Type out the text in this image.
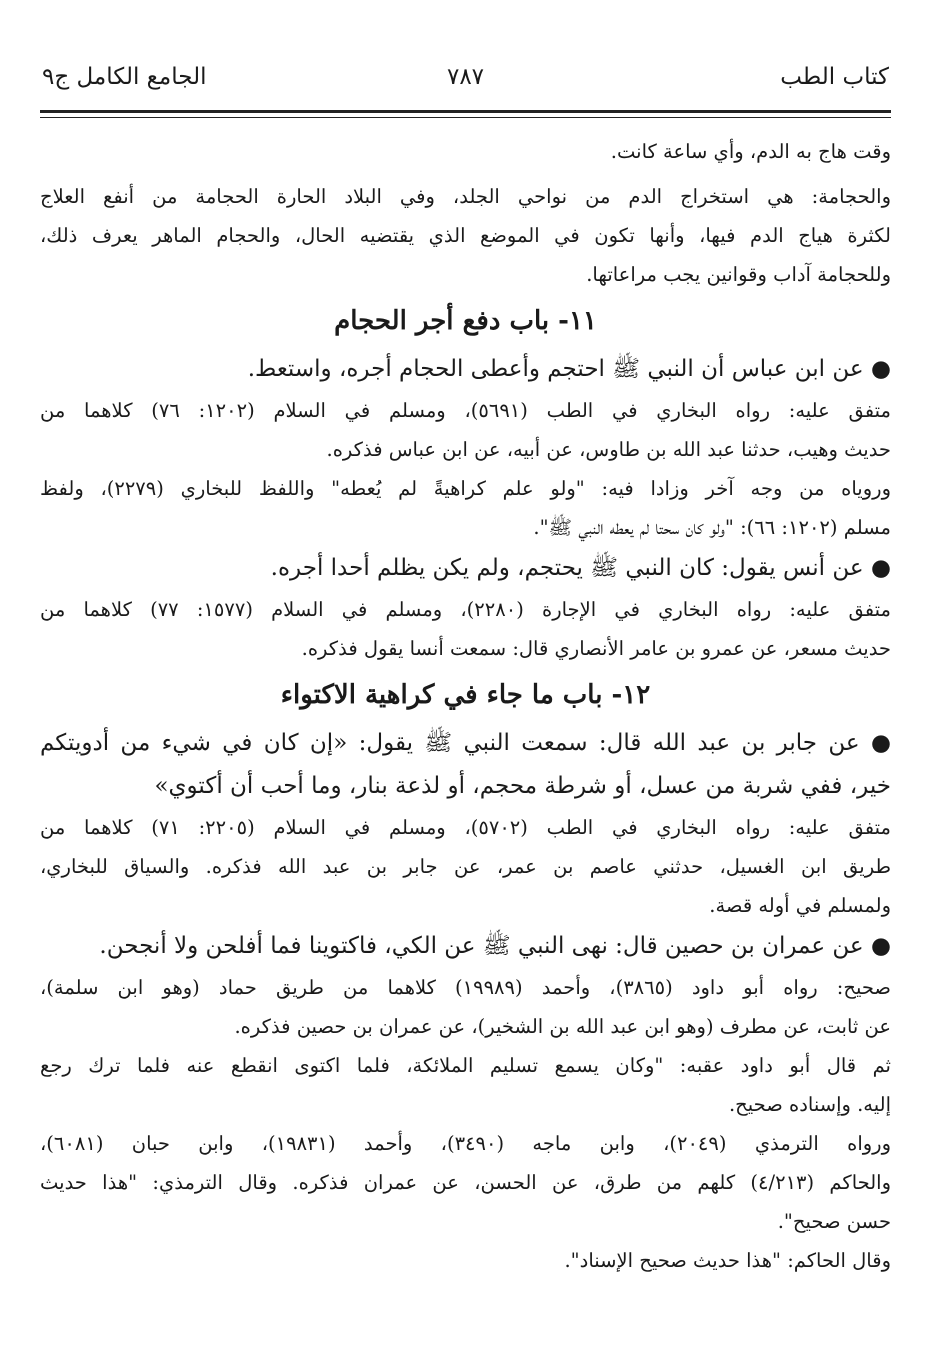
كتاب الطب
٧٨٧
الجامع الكامل ج٩
وقت هاج به الدم، وأي ساعة كانت.
والحجامة: هي استخراج الدم من نواحي الجلد، وفي البلاد الحارة الحجامة من أنفع العلاج
لكثرة هياج الدم فيها، وأنها تكون في الموضع الذي يقتضيه الحال، والحجام الماهر يعرف ذلك،
وللحجامة آداب وقوانين يجب مراعاتها.
١١- باب دفع أجر الحجام
● عن ابن عباس أن النبي ﷺ احتجم وأعطى الحجام أجره، واستعط.
متفق عليه: رواه البخاري في الطب (٥٦٩١)، ومسلم في السلام (١٢٠٢: ٧٦) كلاهما من
حديث وهيب، حدثنا عبد الله بن طاوس، عن أبيه، عن ابن عباس فذكره.
وروياه من وجه آخر وزادا فيه: "ولو علم كراهيةً لم يُعطه" واللفظ للبخاري (٢٢٧٩)، ولفظ
مسلم (١٢٠٢: ٦٦): "ولو كان سحتا لم يعطه النبي ﷺ".
● عن أنس يقول: كان النبي ﷺ يحتجم، ولم يكن يظلم أحدا أجره.
متفق عليه: رواه البخاري في الإجارة (٢٢٨٠)، ومسلم في السلام (١٥٧٧: ٧٧) كلاهما من
حديث مسعر، عن عمرو بن عامر الأنصاري قال: سمعت أنسا يقول فذكره.
١٢- باب ما جاء في كراهية الاكتواء
● عن جابر بن عبد الله قال: سمعت النبي ﷺ يقول: «إن كان في شيء من أدويتكم
خير، ففي شربة من عسل، أو شرطة محجم، أو لذعة بنار، وما أحب أن أكتوي»
متفق عليه: رواه البخاري في الطب (٥٧٠٢)، ومسلم في السلام (٢٢٠٥: ٧١) كلاهما من
طريق ابن الغسيل، حدثني عاصم بن عمر، عن جابر بن عبد الله فذكره. والسياق للبخاري،
ولمسلم في أوله قصة.
● عن عمران بن حصين قال: نهى النبي ﷺ عن الكي، فاكتوينا فما أفلحن ولا أنجحن.
صحيح: رواه أبو داود (٣٨٦٥)، وأحمد (١٩٩٨٩) كلاهما من طريق حماد (وهو ابن سلمة)،
عن ثابت، عن مطرف (وهو ابن عبد الله بن الشخير)، عن عمران بن حصين فذكره.
ثم قال أبو داود عقبه: "وكان يسمع تسليم الملائكة، فلما اكتوى انقطع عنه فلما ترك رجع
إليه. وإسناده صحيح.
ورواه الترمذي (٢٠٤٩)، وابن ماجه (٣٤٩٠)، وأحمد (١٩٨٣١)، وابن حبان (٦٠٨١)،
والحاكم (٤/٢١٣) كلهم من طرق، عن الحسن، عن عمران فذكره. وقال الترمذي: "هذا حديث
حسن صحيح".
وقال الحاكم: "هذا حديث صحيح الإسناد".
